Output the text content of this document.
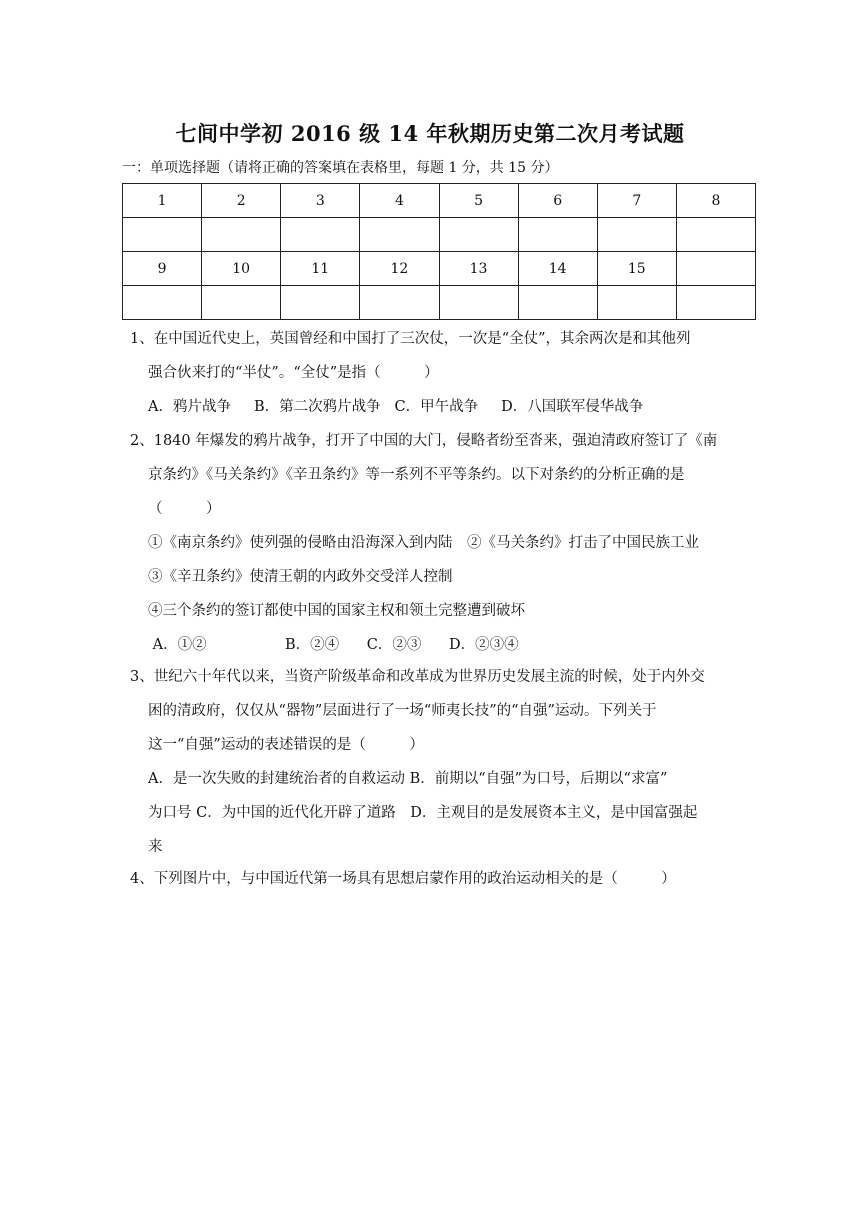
七间中学初 2016 级 14 年秋期历史第二次月考试题
一：单项选择题（请将正确的答案填在表格里，每题 1 分，共 15 分）
1	2	3	4	5	6	7	8

9	10	11	12	13	14	15	

1、在中国近代史上，英国曾经和中国打了三次仗，一次是“全仗”，其余两次是和其他列
强合伙来打的“半仗”。“全仗”是指（　　　）
A．鸦片战争 B．第二次鸦片战争 C．甲午战争 D．八国联军侵华战争
2、1840 年爆发的鸦片战争，打开了中国的大门，侵略者纷至沓来，强迫清政府签订了《南
京条约》《马关条约》《辛丑条约》等一系列不平等条约。以下对条约的分析正确的是
（　　　）
①《南京条约》使列强的侵略由沿海深入到内陆　②《马关条约》打击了中国民族工业
③《辛丑条约》使清王朝的内政外交受洋人控制
④三个条约的签订都使中国的国家主权和领土完整遭到破坏
A．①②	B．②④ C．②③ D．②③④
3、世纪六十年代以来，当资产阶级革命和改革成为世界历史发展主流的时候，处于内外交
困的清政府，仅仅从“器物”层面进行了一场“师夷长技”的“自强”运动。下列关于
这一“自强”运动的表述错误的是（　　　）
A．是一次失败的封建统治者的自救运动 B．前期以“自强”为口号，后期以“求富”
为口号 C．为中国的近代化开辟了道路　D．主观目的是发展资本主义，是中国富强起
来
4、下列图片中，与中国近代第一场具有思想启蒙作用的政治运动相关的是（　　　）
